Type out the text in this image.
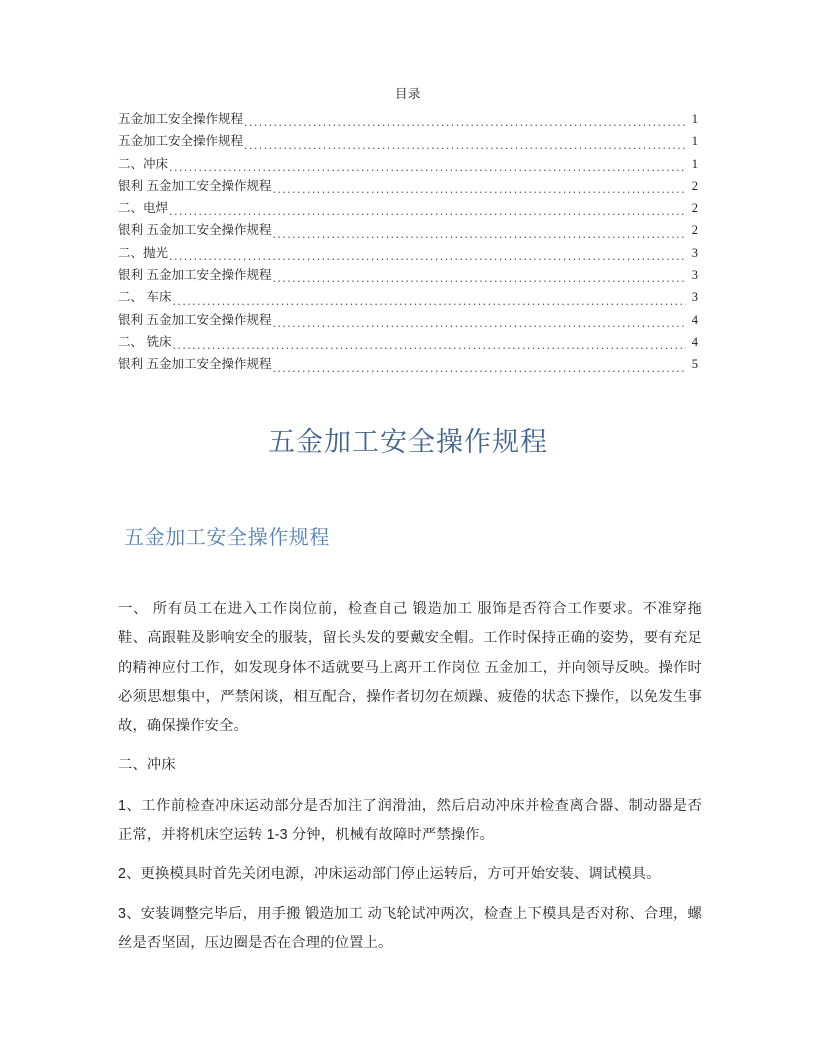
目录
五金加工安全操作规程 .....	1
五金加工安全操作规程 .....	1
二、冲床 .....	1
银利 五金加工安全操作规程 .....	2
二、电焊 .....	2
银利 五金加工安全操作规程 .....	2
二、抛光 .....	3
银利 五金加工安全操作规程 .....	3
二、 车床 .....	3
银利 五金加工安全操作规程 .....	4
二、 铣床 .....	4
银利 五金加工安全操作规程 .....	5
五金加工安全操作规程
五金加工安全操作规程

一、 所有员工在进入工作岗位前，检查自己 锻造加工 服饰是否符合工作要求。不准穿拖鞋、高跟鞋及影响安全的服装，留长头发的要戴安全帽。工作时保持正确的姿势，要有充足的精神应付工作，如发现身体不适就要马上离开工作岗位 五金加工，并向领导反映。操作时必须思想集中，严禁闲谈，相互配合，操作者切勿在烦躁、疲倦的状态下操作，以免发生事故，确保操作安全。

二、冲床

1、工作前检查冲床运动部分是否加注了润滑油，然后启动冲床并检查离合器、制动器是否正常，并将机床空运转 1-3 分钟，机械有故障时严禁操作。

2、更换模具时首先关闭电源，冲床运动部门停止运转后，方可开始安装、调试模具。

3、安装调整完毕后，用手搬 锻造加工 动飞轮试冲两次，检查上下模具是否对称、合理，螺丝是否坚固，压边圈是否在合理的位置上。
